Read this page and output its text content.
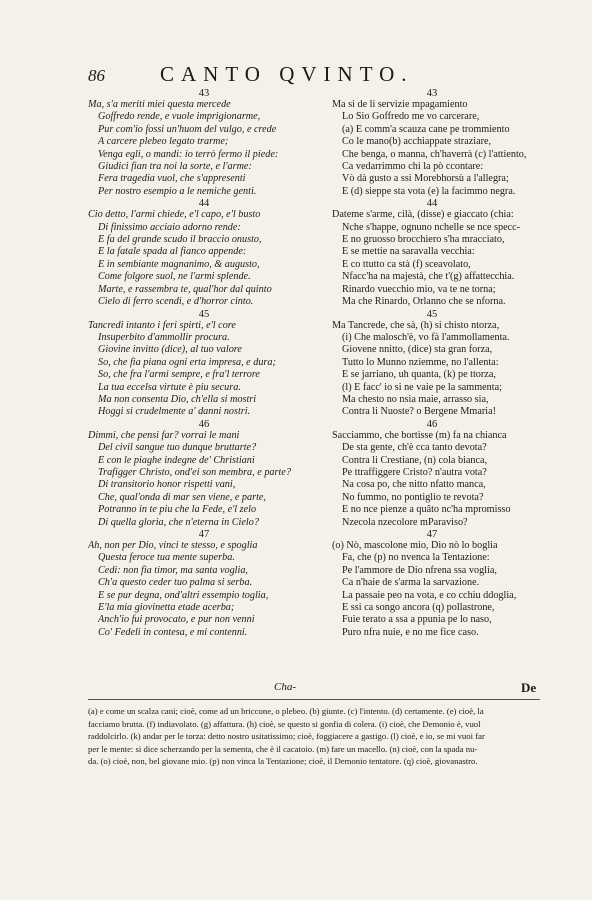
86	CANTO QVINTO.
43
Ma, s'a meriti miei questa mercede
Goffredo rende, e vuole imprigionarme,
Pur com'io fossi un'huom del vulgo, e crede
A carcere plebeo legato trarme;
Venga egli, o mandi: io terrò fermo il piede:
Giudici fian tra noi la sorte, e l'arme:
Fera tragedia vuol, che s'appresenti
Per nostro esempio a le nemiche genti.
44
Cio detto, l'armi chiede, e'l capo, e'l busto
Di finissimo acciaio adorno rende:
E fa del grande scudo il braccio onusto,
E la fatale spada al fianco appende:
E in sembiante magnanimo, & augusto,
Come folgore suol, ne l'armi splende.
Marte, e rassembra te, qual'hor dal quinto
Cielo di ferro scendi, e d'horror cinto.
45
Tancredi intanto i feri spirti, e'l core
Insuperbito d'ammollir procura.
Giovine invitto (dice), al tuo valore
So, che fia piana ogni erta impresa, e dura;
So, che fra l'armi sempre, e fra'l terrore
La tua eccelsa virtute è piu secura.
Ma non consenta Dio, ch'ella si mostri
Hoggi si crudelmente a' danni nostri.
46
Dimmi, che pensi far? vorrai le mani
Del civil sangue tuo dunque bruttarte?
E con le piaghe indegne de' Christiani
Trafigger Christo, ond'ei son membra, e parte?
Di transitorio honor rispetti vani,
Che, qual'onda di mar sen viene, e parte,
Potranno in te piu che la Fede, e'l zelo
Di quella gloria, che n'eterna in Cielo?
47
Ah, non per Dio, vinci te stesso, e spoglia
Questa feroce tua mente superba.
Cedi: non fia timor, ma santa voglia,
Ch'a questo ceder tuo palma si serba.
E se pur degna, ond'altri essempio toglia,
E'la mia giovinetta etade acerba;
Anch'io fui provocato, e pur non venni
Co' Fedeli in contesa, e mi contenni.
43
Ma si de li servizie mpagamiento
Lo Sio Goffredo me vo carcerare,
(a) E comm'a scauza cane pe trommiento
Co le mano(b) acchiappate straziare,
Che benga, o manna, ch'haverrà (c) l'attiento,
Ca vedarrimmo chi la pò ccontare:
Vò dà gusto a ssi Morebhorsù a l'allegra;
E (d) sieppe sta vota (e) la facimmo negra.
44
Dateme s'arme, cilà, (disse) e giaccato (chia:
Nche s'happe, ognuno nchelle se nce specc-
E no gruosso brocchiero s'ha mracciato,
E se mettie na saravalla vecchia:
E co ttutto ca stà (f) sceavolato,
Nfacc'ha na majestà, che t'(g) affattecchia.
Rinardo vuecchio mio, va te ne torna;
Ma che Rinardo, Orlanno che se nforna.
45
Ma Tancrede, che sà, (h) si chisto ntorza,
(i) Che malosch'è, vo fà l'ammollamenta.
Giovene nnitto, (dice) sta gran forza,
Tutto lo Munno nziemme, no l'allenta:
E se jarriano, uh quanta, (k) pe ttorza,
(l) E facc' io si ne vaie pe la sammenta;
Ma chesto no nsia maie, arrasso sia,
Contra li Nuoste? o Bergene Mmaria!
46
Sacciammo, che bortisse (m) fa na chianca
De sta gente, ch'è cca tanto devota?
Contra li Crestiane, (n) cola bianca,
Pe ttraffiggere Cristo? n'autra vota?
Na cosa po, che nitto nfatto manca,
No fummo, no pontiglio te revota?
E no nce pienze a quâto nc'ha mpromisso
Nzecola nzecolore mParaviso?
47
(o) Nò, mascolone mio, Dio nò lo boglia
Fa, che (p) no nvenca la Tentazione:
Pe l'ammore de Dio nfrena ssa voglia,
Ca n'haie de s'arma la sarvazione.
La passaie peo na vota, e co cchiu ddoglia,
E ssi ca songo ancora (q) pollastrone,
Fuie terato a ssa a ppunia pe lo naso,
Puro nfra nuie, e no me fice caso.
Cha-	De
(a) e come un scalza cani; cioè, come ad un briccone, o plebeo. (b) giunte. (c) l'intento. (d) certamente. (e) cioè, la
facciamo brutta. (f) indiavolato. (g) affattura. (h) cioè, se questo si gonfia di colera. (i) cioè, che Demonio è, vuol
raddolcirlo. (k) andar per le torza: detto nostro usitatissimo; cioè, foggiacere a gastigo. (l) cioè, e io, se mi vuoi far
per le mente: si dice scherzando per la sementa, che è il cacatoio. (m) fare un macello. (n) cioè, con la spada nu-
da. (o) cioè, non, bel giovane mio. (p) non vinca la Tentazione; cioè, il Demonio tentatore. (q) cioè, giovanastro.
